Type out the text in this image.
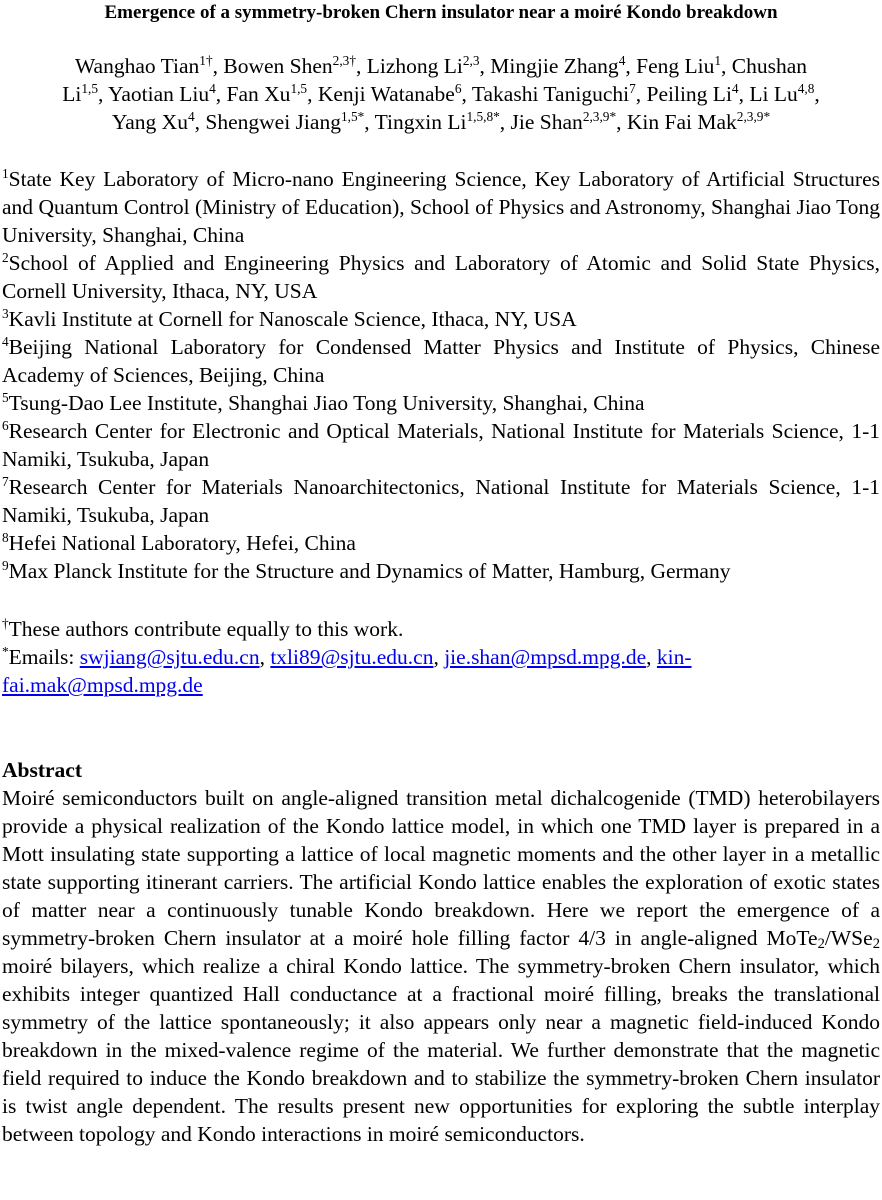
Emergence of a symmetry-broken Chern insulator near a moiré Kondo breakdown
Wanghao Tian$^{1\dagger}$, Bowen Shen$^{2,3\dagger}$, Lizhong Li$^{2,3}$, Mingjie Zhang$^4$, Feng Liu$^1$, Chushan
Li$^{1,5}$, Yaotian Liu$^4$, Fan Xu$^{1,5}$, Kenji Watanabe$^6$, Takashi Taniguchi$^7$, Peiling Li$^4$, Li Lu$^{4,8}$,
Yang Xu$^4$, Shengwei Jiang$^{1,5*}$, Tingxin $Li^{1,5,8*}$, Jie Shan$^{2,3,9*}$, Kin Fai Mak$^{2,3,9*}$
$^1$State Key Laboratory of Micro-nano Engineering Science, Key Laboratory of Artificial Structures and Quantum Control (Ministry of Education), School of Physics and Astronomy, Shanghai Jiao Tong University, Shanghai, China
$^2$School of Applied and Engineering Physics and Laboratory of Atomic and Solid State Physics, Cornell University, Ithaca, NY, USA
$^3$Kavli Institute at Cornell for Nanoscale Science, Ithaca, NY, USA
$^4$Beijing National Laboratory for Condensed Matter Physics and Institute of Physics, Chinese Academy of Sciences, Beijing, China
$^5$Tsung-Dao Lee Institute, Shanghai Jiao Tong University, Shanghai, China
$^6$Research Center for Electronic and Optical Materials, National Institute for Materials Science, 1-1 Namiki, Tsukuba, Japan
$^7$Research Center for Materials Nanoarchitectonics, National Institute for Materials Science, 1-1 Namiki, Tsukuba, Japan
$^8$Hefei National Laboratory, Hefei, China
$^9$Max Planck Institute for the Structure and Dynamics of Matter, Hamburg, Germany
†These authors contribute equally to this work.
*Emails: swjiang@sjtu.edu.cn, txli89@sjtu.edu.cn, jie.shan@mpsd.mpg.de, kin-fai.mak@mpsd.mpg.de
Abstract
Moiré semiconductors built on angle-aligned transition metal dichalcogenide (TMD) heterobilayers provide a physical realization of the Kondo lattice model, in which one TMD layer is prepared in a Mott insulating state supporting a lattice of local magnetic moments and the other layer in a metallic state supporting itinerant carriers. The artificial Kondo lattice enables the exploration of exotic states of matter near a continuously tunable Kondo breakdown. Here we report the emergence of a symmetry-broken Chern insulator at a moiré hole filling factor 4/3 in angle-aligned MoTe$_2$/WSe$_2$ moiré bilayers, which realize a chiral Kondo lattice. The symmetry-broken Chern insulator, which exhibits integer quantized Hall conductance at a fractional moiré filling, breaks the translational symmetry of the lattice spontaneously; it also appears only near a magnetic field-induced Kondo breakdown in the mixed-valence regime of the material. We further demonstrate that the magnetic field required to induce the Kondo breakdown and to stabilize the symmetry-broken Chern insulator is twist angle dependent. The results present new opportunities for exploring the subtle interplay between topology and Kondo interactions in moiré semiconductors.
